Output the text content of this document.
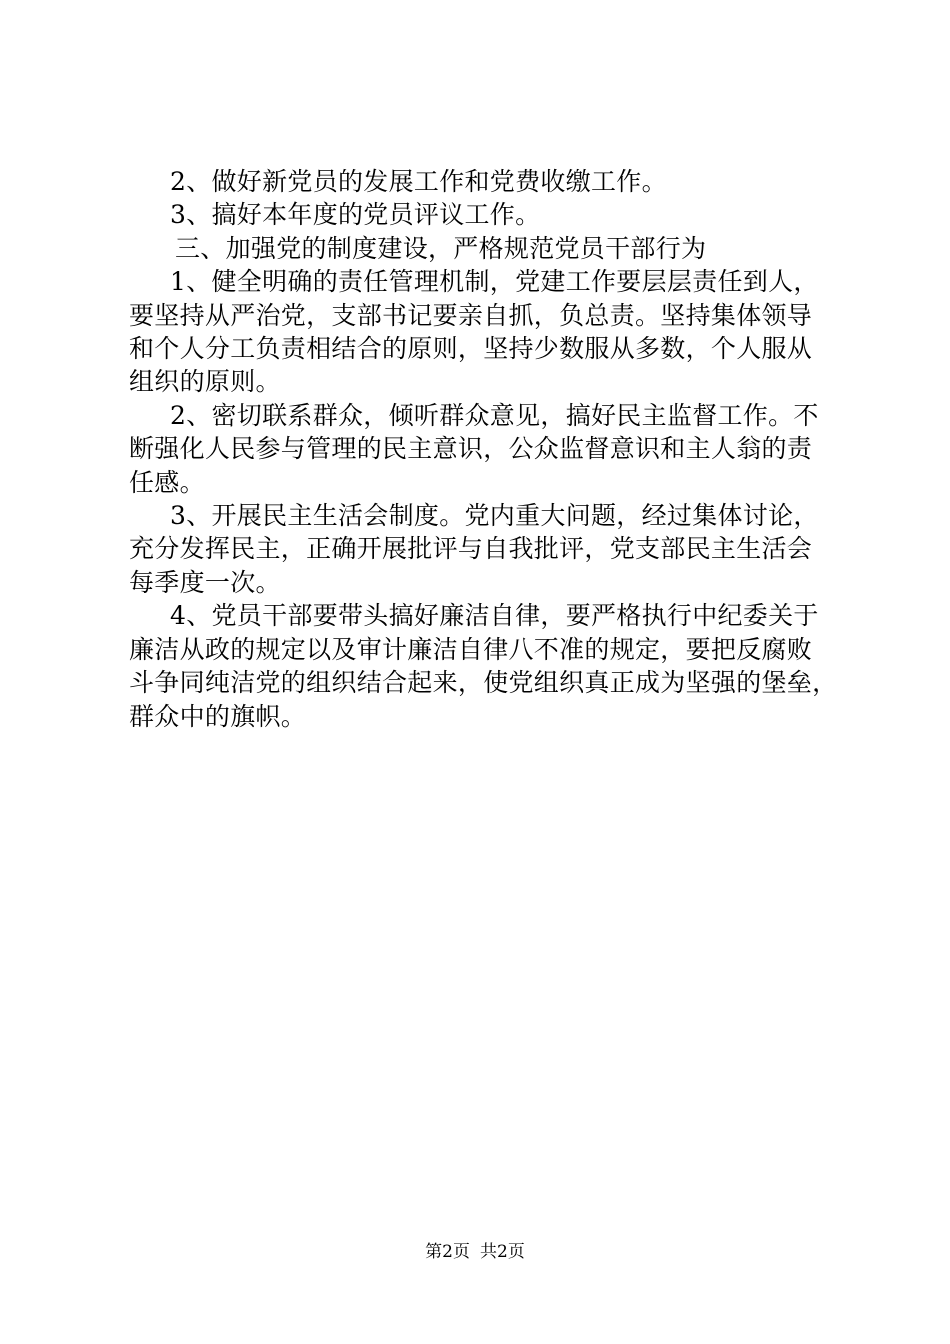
2、做好新党员的发展工作和党费收缴工作。

3、搞好本年度的党员评议工作。

三、加强党的制度建设，严格规范党员干部行为

1、健全明确的责任管理机制，党建工作要层层责任到人，
要坚持从严治党，支部书记要亲自抓，负总责。坚持集体领导
和个人分工负责相结合的原则，坚持少数服从多数，个人服从
组织的原则。

2、密切联系群众，倾听群众意见，搞好民主监督工作。不
断强化人民参与管理的民主意识，公众监督意识和主人翁的责
任感。

3、开展民主生活会制度。党内重大问题，经过集体讨论，
充分发挥民主，正确开展批评与自我批评，党支部民主生活会
每季度一次。

4、党员干部要带头搞好廉洁自律，要严格执行中纪委关于
廉洁从政的规定以及审计廉洁自律八不准的规定，要把反腐败
斗争同纯洁党的组织结合起来，使党组织真正成为坚强的堡垒，
群众中的旗帜。

第2页 共2页
